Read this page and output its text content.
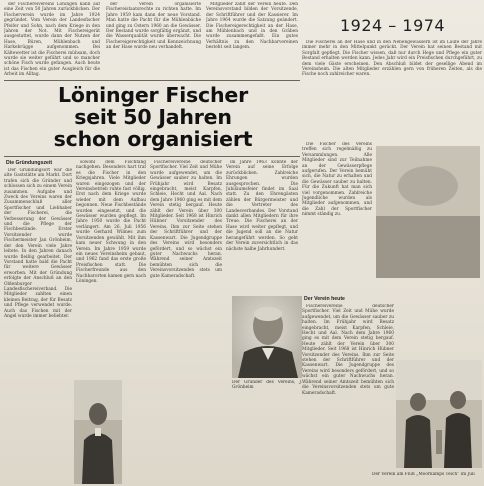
der Fischereivereins Löningen kann auf eine Zeit von 50 Jahren zurückblicken. Der Fischerverein wurde im Jahre 1924 gegründet. Vom Verein der Landesfischer Pfeifer und Sohn, nach dem Kriege in den Jahren der Not. Mit Fischereigerät ausgestattet, wurde dann der Nutzen der Hase, Büren, Mühlenbach und Harkebrügge aufgenommen. Bei Kältewetter ist die Fischerei mühsam, doch wurde sie weiter geführt und so mancher schöne Fisch wurde gefangen. Auch heute ist das Fischen ein guter Ausgleich für die Arbeit im Alltag.

der Verein organisierte Fischereistaatsrechte zu richten hatte. Im Jahre 1959 kam dann der neue Vorstand. Man hatte die Pacht für die Mühlenbäche und ging zu Ostern 1960 an die Gewässer. Der Bestand wurde sorgfältig ergänzt, und die Wasserqualität wurde überwacht. Die Fischereigerechtigkeit und Kennzeichnung an der Hase wurde neu verhandelt.

Mitglieder zählt der Verein heute. Den Vereinsvorstand bilden der Vorsitzende, der Schriftführer und der Kassierer. Im Jahre 1964 wurde die Satzung geändert. Die Fischereigerechtigkeit an der Hase, am Mühlenbach und in den Gräben wurde zusammengefaßt. Ein gutes Verhältnis zu den Nachbarvereinen besteht seit langem.

1924 – 1974

Die Fischerei an der Hase und in den Nebengewässern ist im Laufe der Jahre immer mehr in den Mittelpunkt gerückt. Der Verein hat seinen Bestand mit Sorgfalt gepflegt. Die Fischer wissen, daß nur durch Hege und Pflege ein guter Bestand erhalten werden kann. Jedes Jahr wird ein Preisfischen durchgeführt, zu dem viele Gäste erscheinen. Den Abschluß bildet der gesellige Abend im Vereinsheim. Die alten Mitglieder erzählen gern von früheren Zeiten, als die Fische noch zahlreicher waren.

Löninger Fischer
seit 50 Jahren
schon organisiert
Die Gründungszeit

Der Gründungsort war die alte Gaststätte am Markt. Dort trafen sich die Gründer und schlossen sich zu einem Verein zusammen. Aufgabe und Zweck des Vereins waren der Zusammenschluß aller Sportfischer und Liebhaber der Fischerei, die Verbesserung der Gewässer und die Pflege der Fischbestände. Erster Vorsitzender wurde Fischermeister Jan Grönheim, der den Verein viele Jahre leitete. In den Jahren danach wurde fleißig gearbeitet. Der Vorstand hatte bald die Pacht für weitere Gewässer erworben. Mit der Gründung erfolgte der Anschluß an den Oldenburger Landesfischereiverband. Die Mitglieder zahlten einen kleinen Beitrag, der für Besatz und Pflege verwendet wurde. Auch das Fischen mit der Angel wurde immer beliebter.

sowohl dem Fischfang nachgehen. Besonders hart traf es die Fischer in den Kriegsjahren. Viele Mitglieder waren eingezogen und der Vereinsbetrieb ruhte fast völlig. Erst nach dem Kriege wurde wieder mit dem Aufbau begonnen. Neue Fischbestände wurden eingesetzt, und die Gewässer wurden gepflegt. Im Jahre 1950 wurde die Pacht verlängert. Am 26. Juli 1956 wurde Gerhard Wilmes zum Vorsitzenden gewählt. Mit ihm kam neuer Schwung in den Verein. Im Jahre 1959 wurde ein neues Vereinsheim gebaut, und 1962 fand das erste große Preisfischen statt. Die Fischerfreunde aus den Nachbarorten kamen gern nach Löningen.

Fischereivereine deutscher Sportfischer. Viel Zeit und Mühe wurde aufgewendet, um die Gewässer sauber zu halten. Im Frühjahr wird Besatz eingebracht, meist Karpfen, Schleie, Hecht und Aal. Nach dem Jahre 1960 ging es mit dem Verein stetig bergauf. Heute zählt der Verein über 300 Mitglieder. Seit 1968 ist Hinrich Hübner Vorsitzender des Vereins. Ihm zur Seite stehen der Schriftführer und der Kassenwart. Die Jugendgruppe des Vereins wird besonders gefördert, und so wächst ein guter Nachwuchs heran. Während seiner Amtszeit bemühten sich die Vereinsvorsitzenden stets um gute Kameradschaft.

im Jahre 1963 konnte der Verein auf seine Erfolge zurückblicken. Zahlreiche Ehrungen wurden ausgesprochen. Die Jubiläumsfeier findet im Saal statt. Zu den Ehrengästen zählen der Bürgermeister und die Vertreter des Landesverbandes. Der Vorstand dankt allen Mitgliedern für ihre Treue. Die Fischerei an der Hase wird weiter gepflegt, und die Jugend soll an die Natur herangeführt werden. So geht der Verein zuversichtlich in das nächste halbe Jahrhundert.

Der Gründer des Vereins, J. Grönheim

Die Fischer des Vereins treffen sich regelmäßig zu Versammlungen. Alle Mitglieder sind zur Teilnahme an der Gewässerpflege aufgerufen. Der Verein bemüht sich, die Natur zu erhalten und die Gewässer sauber zu halten. Für die Zukunft hat man sich viel vorgenommen. Zahlreiche Jugendliche wurden als Mitglieder aufgenommen, und die Zahl der Sportfischer nimmt ständig zu.

Der Verein heute

Fischereivereine deutscher Sportfischer. Viel Zeit und Mühe wurde aufgewendet, um die Gewässer sauber zu halten. Im Frühjahr wird Besatz eingebracht, meist Karpfen, Schleie, Hecht und Aal. Nach dem Jahre 1960 ging es mit dem Verein stetig bergauf. Heute zählt der Verein über 300 Mitglieder. Seit 1968 ist Hinrich Hübner Vorsitzender des Vereins. Ihm zur Seite stehen der Schriftführer und der Kassenwart. Die Jugendgruppe des Vereins wird besonders gefördert, und so wächst ein guter Nachwuchs heran. Während seiner Amtszeit bemühten sich die Vereinsvorsitzenden stets um gute Kameradschaft.

Der Verein am Fluß „Moorkamps Teich“ im Juli
